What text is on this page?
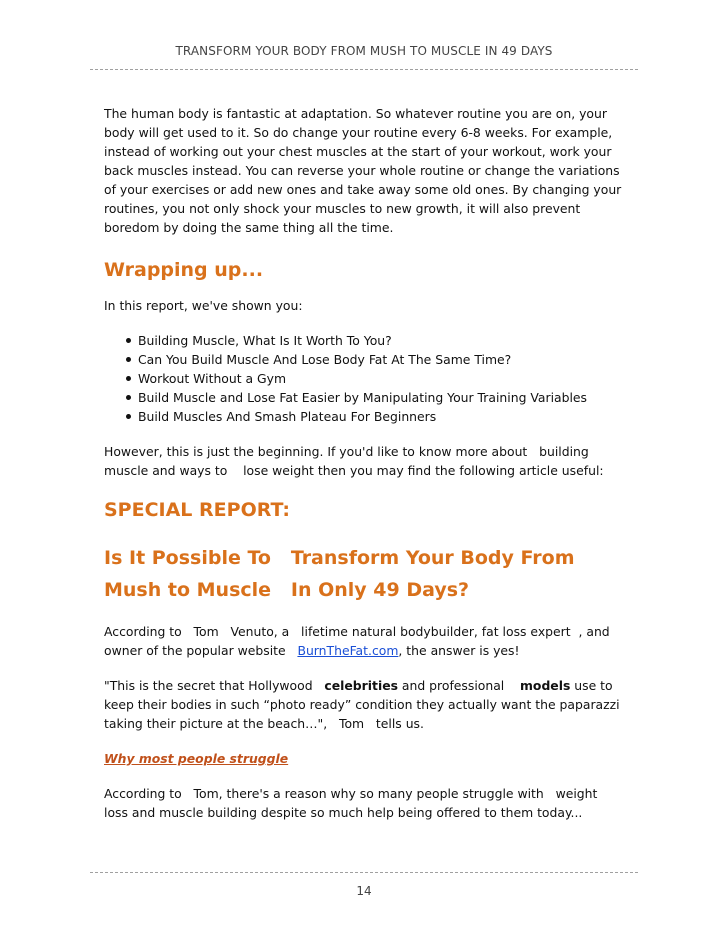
TRANSFORM YOUR BODY FROM MUSH TO MUSCLE IN 49 DAYS

The human body is fantastic at adaptation. So whatever routine you are on, your body will get used to it. So do change your routine every 6-8 weeks. For example, instead of working out your chest muscles at the start of your workout, work your back muscles instead. You can reverse your whole routine or change the variations of your exercises or add new ones and take away some old ones. By changing your routines, you not only shock your muscles to new growth, it will also prevent boredom by doing the same thing all the time.

Wrapping up...

In this report, we've shown you:

Building Muscle, What Is It Worth To You?
Can You Build Muscle And Lose Body Fat At The Same Time?
Workout Without a Gym
Build Muscle and Lose Fat Easier by Manipulating Your Training Variables
Build Muscles And Smash Plateau For Beginners

However, this is just the beginning. If you'd like to know more about   building muscle and ways to    lose weight then you may find the following article useful:

SPECIAL REPORT:
Is It Possible To   Transform Your Body From Mush to Muscle   In Only 49 Days?

According to   Tom   Venuto, a   lifetime natural bodybuilder, fat loss expert  , and owner of the popular website   BurnTheFat.com, the answer is yes!

"This is the secret that Hollywood   celebrities and professional    models use to keep their bodies in such “photo ready” condition they actually want the paparazzi taking their picture at the beach…",   Tom   tells us.

Why most people struggle

According to   Tom, there's a reason why so many people struggle with   weight loss and muscle building despite so much help being offered to them today...

14
